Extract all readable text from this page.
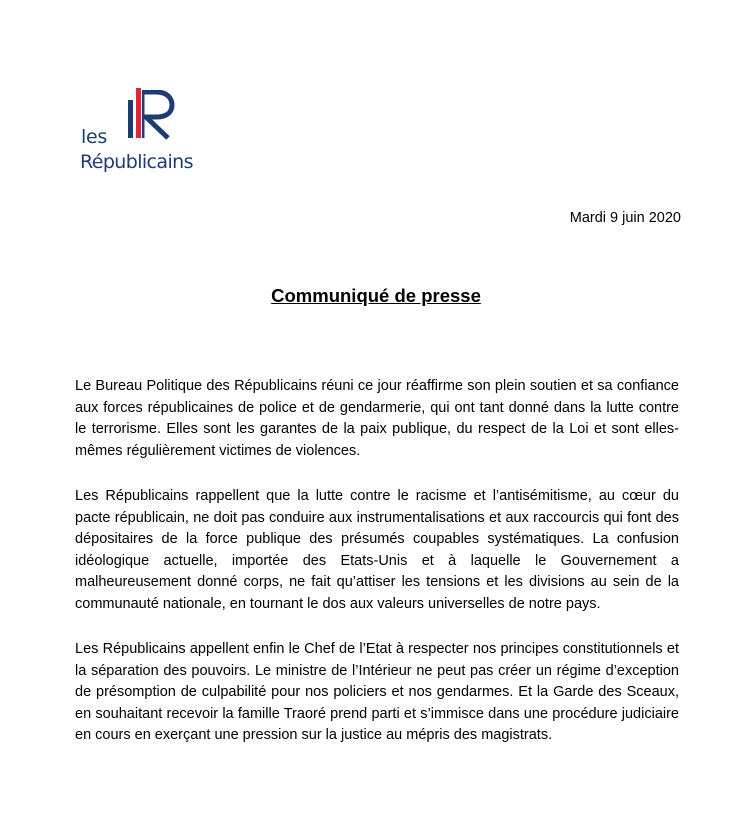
les
Républicains
Mardi 9 juin 2020
Communiqué de presse

Le Bureau Politique des Républicains réuni ce jour réaffirme son plein soutien et sa confiance aux forces républicaines de police et de gendarmerie, qui ont tant donné dans la lutte contre le terrorisme. Elles sont les garantes de la paix publique, du respect de la Loi et sont elles-mêmes régulièrement victimes de violences.

Les Républicains rappellent que la lutte contre le racisme et l’antisémitisme, au cœur du pacte républicain, ne doit pas conduire aux instrumentalisations et aux raccourcis qui font des dépositaires de la force publique des présumés coupables systématiques. La confusion idéologique actuelle, importée des Etats-Unis et à laquelle le Gouvernement a malheureusement donné corps, ne fait qu’attiser les tensions et les divisions au sein de la communauté nationale, en tournant le dos aux valeurs universelles de notre pays.

Les Républicains appellent enfin le Chef de l’Etat à respecter nos principes constitutionnels et la séparation des pouvoirs. Le ministre de l’Intérieur ne peut pas créer un régime d’exception de présomption de culpabilité pour nos policiers et nos gendarmes. Et la Garde des Sceaux, en souhaitant recevoir la famille Traoré prend parti et s’immisce dans une procédure judiciaire en cours en exerçant une pression sur la justice au mépris des magistrats.
